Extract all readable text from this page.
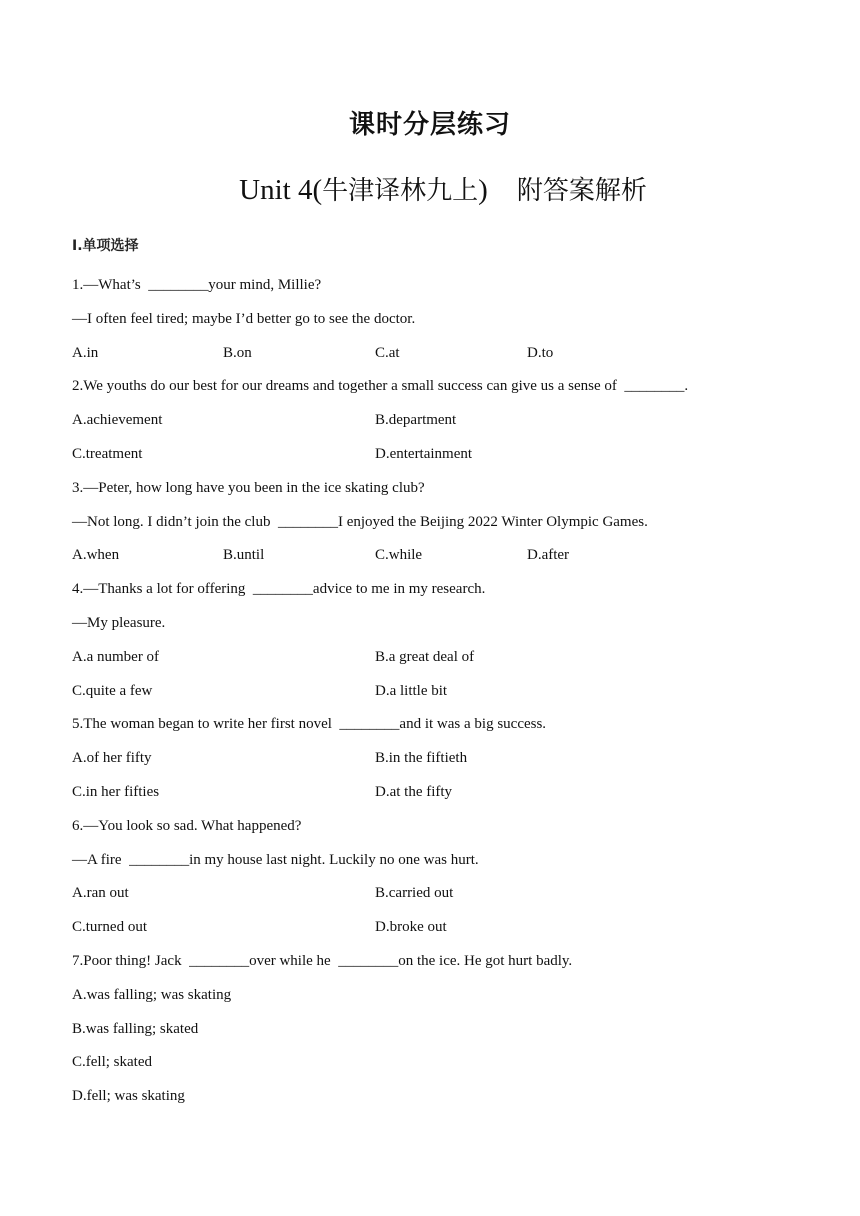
课时分层练习
Unit 4(牛津译林九上) 附答案解析
Ⅰ.单项选择
1.—What’s  ________your mind, Millie?
—I often feel tired; maybe I’d better go to see the doctor.
A.in	B.on	C.at	D.to
2.We youths do our best for our dreams and together a small success can give us a sense of  ________.
A.achievement	B.department
C.treatment	D.entertainment
3.—Peter, how long have you been in the ice skating club?
—Not long. I didn’t join the club  ________I enjoyed the Beijing 2022 Winter Olympic Games.
A.when	B.until	C.while	D.after
4.—Thanks a lot for offering  ________advice to me in my research.
—My pleasure.
A.a number of	B.a great deal of
C.quite a few	D.a little bit
5.The woman began to write her first novel  ________and it was a big success.
A.of her fifty	B.in the fiftieth
C.in her fifties	D.at the fifty
6.—You look so sad. What happened?
—A fire  ________in my house last night. Luckily no one was hurt.
A.ran out	B.carried out
C.turned out	D.broke out
7.Poor thing! Jack  ________over while he  ________on the ice. He got hurt badly.
A.was falling; was skating
B.was falling; skated
C.fell; skated
D.fell; was skating
